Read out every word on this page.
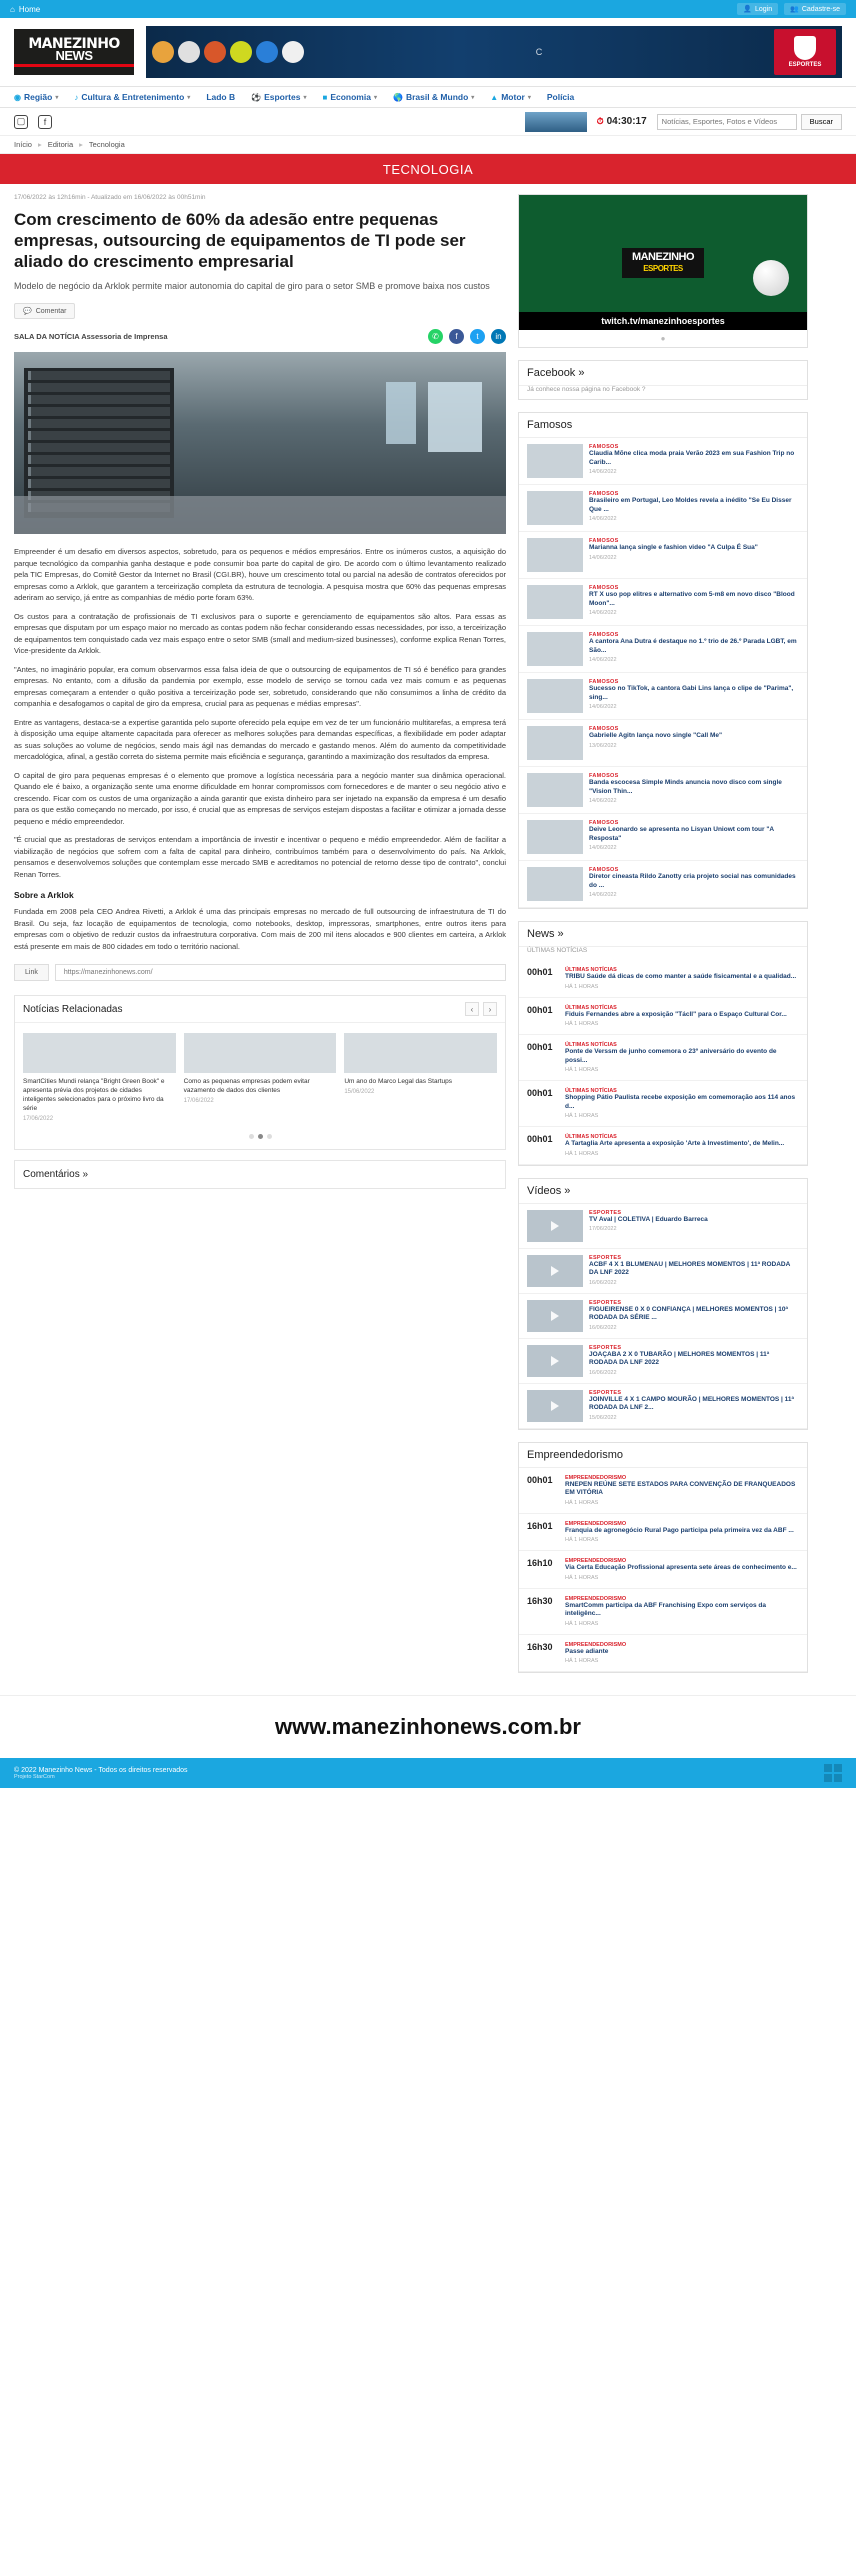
⌂ Home	👤 Login	👥 Cadastre-se
MANEZINHO
NEWS	C
ESPORTES
◉ Região ▾ ♪ Cultura & Entretenimento ▾ Lado B ⚽ Esportes ▾ ■ Economia ▾ 🌎 Brasil & Mundo ▾ ▲ Motor ▾ Polícia
▢	f	⏱ 04:30:17
Notícias, Esportes, Fotos e Vídeos	Buscar
Início ▸ Editoria ▸ Tecnologia
TECNOLOGIA
17/06/2022 às 12h16min - Atualizado em 16/06/2022 às 00h51min
Com crescimento de 60% da adesão entre pequenas empresas, outsourcing de equipamentos de TI pode ser aliado do crescimento empresarial
Modelo de negócio da Arklok permite maior autonomia do capital de giro para o setor SMB e promove baixa nos custos
💬 Comentar
SALA DA NOTÍCIA Assessoria de Imprensa	✆	f	t	in

Empreender é um desafio em diversos aspectos, sobretudo, para os pequenos e médios empresários. Entre os inúmeros custos, a aquisição do parque tecnológico da companhia ganha destaque e pode consumir boa parte do capital de giro. De acordo com o último levantamento realizado pela TIC Empresas, do Comitê Gestor da Internet no Brasil (CGI.BR), houve um crescimento total ou parcial na adesão de contratos oferecidos por empresas como a Arklok, que garantem a terceirização completa da estrutura de tecnologia. A pesquisa mostra que 60% das pequenas empresas aderiram ao serviço, já entre as companhias de médio porte foram 63%.

Os custos para a contratação de profissionais de TI exclusivos para o suporte e gerenciamento de equipamentos são altos. Para essas as empresas que disputam por um espaço maior no mercado as contas podem não fechar considerando essas necessidades, por isso, a terceirização de equipamentos tem conquistado cada vez mais espaço entre o setor SMB (small and medium-sized businesses), conforme explica Renan Torres, Vice-presidente da Arklok.

"Antes, no imaginário popular, era comum observarmos essa falsa ideia de que o outsourcing de equipamentos de TI só é benéfico para grandes empresas. No entanto, com a difusão da pandemia por exemplo, esse modelo de serviço se tornou cada vez mais comum e as pequenas empresas começaram a entender o quão positiva a terceirização pode ser, sobretudo, considerando que não consumimos a linha de crédito da companhia e desafogamos o capital de giro da empresa, crucial para as pequenas e médias empresas".

Entre as vantagens, destaca-se a expertise garantida pelo suporte oferecido pela equipe em vez de ter um funcionário multitarefas, a empresa terá à disposição uma equipe altamente capacitada para oferecer as melhores soluções para demandas específicas, a flexibilidade em poder adaptar as suas soluções ao volume de negócios, sendo mais ágil nas demandas do mercado e gastando menos. Além do aumento da competitividade mercadológica, afinal, a gestão correta do sistema permite mais eficiência e segurança, garantindo a maximização dos resultados da empresa.

O capital de giro para pequenas empresas é o elemento que promove a logística necessária para a negócio manter sua dinâmica operacional. Quando ele é baixo, a organização sente uma enorme dificuldade em honrar compromissos com fornecedores e de manter o seu negócio ativo e crescendo. Ficar com os custos de uma organização a ainda garantir que exista dinheiro para ser injetado na expansão da empresa é um desafio para os que estão começando no mercado, por isso, é crucial que as empresas de serviços estejam dispostas a facilitar e otimizar a jornada desse pequeno e médio empreendedor.

"É crucial que as prestadoras de serviços entendam a importância de investir e incentivar o pequeno e médio empreendedor. Além de facilitar a viabilização de negócios que sofrem com a falta de capital para dinheiro, contribuímos também para o desenvolvimento do país. Na Arklok, pensamos e desenvolvemos soluções que contemplam esse mercado SMB e acreditamos no potencial de retorno desse tipo de contrato", conclui Renan Torres.

Sobre a Arklok

Fundada em 2008 pela CEO Andrea Rivetti, a Arklok é uma das principais empresas no mercado de full outsourcing de infraestrutura de TI do Brasil. Ou seja, faz locação de equipamentos de tecnologia, como notebooks, desktop, impressoras, smartphones, entre outros itens para empresas com o objetivo de reduzir custos da infraestrutura corporativa. Com mais de 200 mil itens alocados e 900 clientes em carteira, a Arklok está presente em mais de 800 cidades em todo o território nacional.

Link	https://manezinhonews.com/
Notícias Relacionadas	‹	›
SmartCities Mundi relança "Bright Green Book" e apresenta prévia dos projetos de cidades inteligentes selecionados para o próximo livro da série
17/06/2022
Como as pequenas empresas podem evitar vazamento de dados dos clientes
17/06/2022
Um ano do Marco Legal das Startups
15/06/2022
Comentários »
MANEZINHO
ESPORTES
twitch.tv/manezinhoesportes
●
Facebook »
Já conhece nossa página no Facebook ?
Famosos
FAMOSOS
Claudia Mõne clica moda praia Verão 2023 em sua Fashion Trip no Carib...
14/06/2022
FAMOSOS
Brasileiro em Portugal, Leo Moldes revela a inédito "Se Eu Disser Que ...
14/06/2022
FAMOSOS
Marianna lança single e fashion video "A Culpa É Sua"
14/06/2022
FAMOSOS
RT X uso pop elitres e alternativo com 5-m8 em novo disco "Blood Moon"...
14/06/2022
FAMOSOS
A cantora Ana Dutra é destaque no 1.º trio de 26.º Parada LGBT, em São...
14/06/2022
FAMOSOS
Sucesso no TikTok, a cantora Gabi Lins lança o clipe de "Parima", sing...
14/06/2022
FAMOSOS
Gabrielle Agitn lança novo single "Call Me"
13/06/2022
FAMOSOS
Banda escocesa Simple Minds anuncia novo disco com single "Vision Thin...
14/06/2022
FAMOSOS
Deive Leonardo se apresenta no Lisyan Uniowt com tour "A Resposta"
14/06/2022
FAMOSOS
Diretor cineasta Rildo Zanotty cria projeto social nas comunidades do ...
14/06/2022
News »
ÚLTIMAS NOTÍCIAS
00h01	ÚLTIMAS NOTÍCIAS
TRIBU Saúde dá dicas de como manter a saúde fisicamental e a qualidad...
HÁ 1 HORAS
00h01	ÚLTIMAS NOTÍCIAS
Fiduis Fernandes abre a exposição "Tácll" para o Espaço Cultural Cor...
HÁ 1 HORAS
00h01	ÚLTIMAS NOTÍCIAS
Ponte de Verssm de junho comemora o 23º aniversário do evento de possi...
HÁ 1 HORAS
00h01	ÚLTIMAS NOTÍCIAS
Shopping Pátio Paulista recebe exposição em comemoração aos 114 anos d...
HÁ 1 HORAS
00h01	ÚLTIMAS NOTÍCIAS
A Tartaglia Arte apresenta a exposição 'Arte à Investimento', de Melin...
HÁ 1 HORAS
Vídeos »
ESPORTES
TV Aval | COLETIVA | Eduardo Barreca
17/06/2022
ESPORTES
ACBF 4 X 1 BLUMENAU | MELHORES MOMENTOS | 11ª RODADA DA LNF 2022
16/06/2022
ESPORTES
FIGUEIRENSE 0 X 0 CONFIANÇA | MELHORES MOMENTOS | 10ª RODADA DA SÉRIE ...
16/06/2022
ESPORTES
JOAÇABA 2 X 0 TUBARÃO | MELHORES MOMENTOS | 11ª RODADA DA LNF 2022
16/06/2022
ESPORTES
JOINVILLE 4 X 1 CAMPO MOURÃO | MELHORES MOMENTOS | 11ª RODADA DA LNF 2...
15/06/2022
Empreendedorismo
00h01	EMPREENDEDORISMO
RNEPEN REÚNE SETE ESTADOS PARA CONVENÇÃO DE FRANQUEADOS EM VITÓRIA
HÁ 1 HORAS
16h01	EMPREENDEDORISMO
Franquia de agronegócio Rural Pago participa pela primeira vez da ABF ...
HÁ 1 HORAS
16h10	EMPREENDEDORISMO
Via Certa Educação Profissional apresenta sete áreas de conhecimento e...
HÁ 1 HORAS
16h30	EMPREENDEDORISMO
SmartComm participa da ABF Franchising Expo com serviços da inteligênc...
HÁ 1 HORAS
16h30	EMPREENDEDORISMO
Passe adiante
HÁ 1 HORAS
www.manezinhonews.com.br
© 2022 Manezinho News - Todos os direitos reservados
Projeto StarCom
